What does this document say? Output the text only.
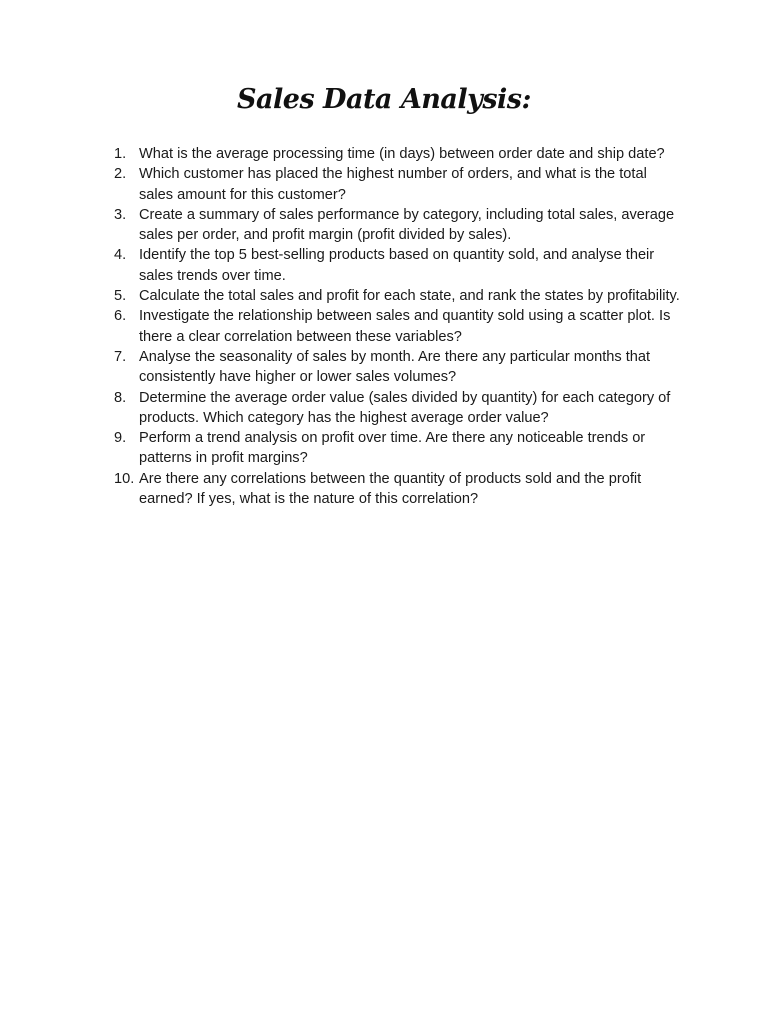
Sales Data Analysis:
1. What is the average processing time (in days) between order date and ship date?
2. Which customer has placed the highest number of orders, and what is the total sales amount for this customer?
3. Create a summary of sales performance by category, including total sales, average sales per order, and profit margin (profit divided by sales).
4. Identify the top 5 best-selling products based on quantity sold, and analyse their sales trends over time.
5. Calculate the total sales and profit for each state, and rank the states by profitability.
6. Investigate the relationship between sales and quantity sold using a scatter plot. Is there a clear correlation between these variables?
7. Analyse the seasonality of sales by month. Are there any particular months that consistently have higher or lower sales volumes?
8. Determine the average order value (sales divided by quantity) for each category of products. Which category has the highest average order value?
9. Perform a trend analysis on profit over time. Are there any noticeable trends or patterns in profit margins?
10. Are there any correlations between the quantity of products sold and the profit earned? If yes, what is the nature of this correlation?
